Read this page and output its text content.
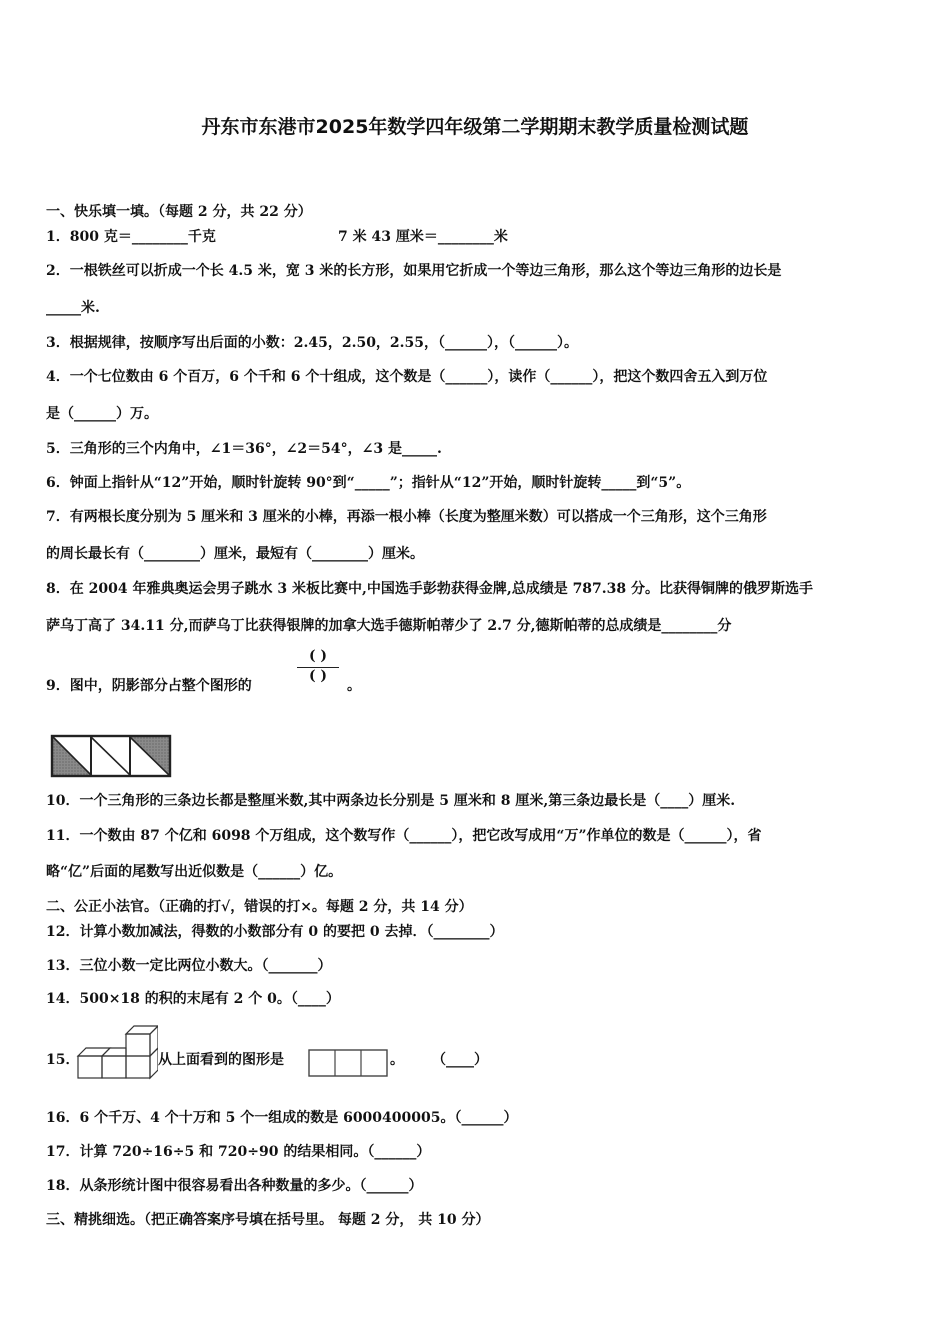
丹东市东港市2025年数学四年级第二学期期末教学质量检测试题
一、快乐填一填。（每题 2 分，共 22 分）
1．800 克＝________千克	7 米 43 厘米＝________米
2．一根铁丝可以折成一个长 4.5 米，宽 3 米的长方形，如果用它折成一个等边三角形，那么这个等边三角形的边长是
_____米.
3．根据规律，按顺序写出后面的小数：2.45，2.50，2.55，（______），（______）。
4．一个七位数由 6 个百万，6 个千和 6 个十组成，这个数是（______），读作（______），把这个数四舍五入到万位
是（______）万。
5．三角形的三个内角中，∠1＝36°，∠2＝54°，∠3 是_____.
6．钟面上指针从“12”开始，顺时针旋转 90°到“_____”；指针从“12”开始，顺时针旋转_____到“5”。
7．有两根长度分别为 5 厘米和 3 厘米的小棒，再添一根小棒（长度为整厘米数）可以搭成一个三角形，这个三角形
的周长最长有（________）厘米，最短有（________）厘米。
8．在 2004 年雅典奥运会男子跳水 3 米板比赛中,中国选手彭勃获得金牌,总成绩是 787.38 分。比获得铜牌的俄罗斯选手
萨乌丁高了 34.11 分,而萨乌丁比获得银牌的加拿大选手德斯帕蒂少了 2.7 分,德斯帕蒂的总成绩是________分
9．图中，阴影部分占整个图形的
( )
( )
。
10．一个三角形的三条边长都是整厘米数,其中两条边长分别是 5 厘米和 8 厘米,第三条边最长是（____）厘米.
11．一个数由 87 个亿和 6098 个万组成，这个数写作（______），把它改写成用“万”作单位的数是（______），省
略“亿”后面的尾数写出近似数是（______）亿。
二、公正小法官。（正确的打√，错误的打×。每题 2 分，共 14 分）
12．计算小数加减法，得数的小数部分有 0 的要把 0 去掉．（________）
13．三位小数一定比两位小数大。（_______）
14．500×18 的积的末尾有 2 个 0。（____）
15．	从上面看到的图形是	。 （____）
16．6 个千万、4 个十万和 5 个一组成的数是 6000400005。（______）
17．计算 720÷16÷5 和 720÷90 的结果相同。（______）
18．从条形统计图中很容易看出各种数量的多少。（______）
三、精挑细选。（把正确答案序号填在括号里。 每题 2 分， 共 10 分）
